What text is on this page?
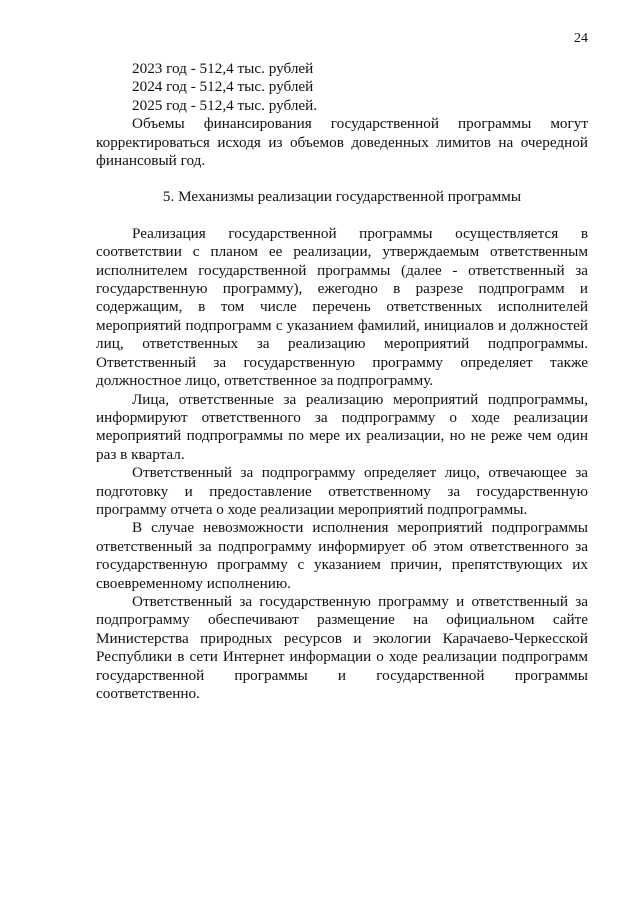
24
2023 год - 512,4 тыс. рублей
2024 год - 512,4 тыс. рублей
2025 год - 512,4 тыс. рублей.

Объемы финансирования государственной программы могут корректироваться исходя из объемов доведенных лимитов на очередной финансовый год.

5. Механизмы реализации государственной программы

Реализация государственной программы осуществляется в соответствии с планом ее реализации, утверждаемым ответственным исполнителем государственной программы (далее - ответственный за государственную программу), ежегодно в разрезе подпрограмм и содержащим, в том числе перечень ответственных исполнителей мероприятий подпрограмм с указанием фамилий, инициалов и должностей лиц, ответственных за реализацию мероприятий подпрограммы. Ответственный за государственную программу определяет также должностное лицо, ответственное за подпрограмму.

Лица, ответственные за реализацию мероприятий подпрограммы, информируют ответственного за подпрограмму о ходе реализации мероприятий подпрограммы по мере их реализации, но не реже чем один раз в квартал.

Ответственный за подпрограмму определяет лицо, отвечающее за подготовку и предоставление ответственному за государственную программу отчета о ходе реализации мероприятий подпрограммы.

В случае невозможности исполнения мероприятий подпрограммы ответственный за подпрограмму информирует об этом ответственного за государственную программу с указанием причин, препятствующих их своевременному исполнению.

Ответственный за государственную программу и ответственный за подпрограмму обеспечивают размещение на официальном сайте Министерства природных ресурсов и экологии Карачаево-Черкесской Республики в сети Интернет информации о ходе реализации подпрограмм государственной программы и государственной программы соответственно.
